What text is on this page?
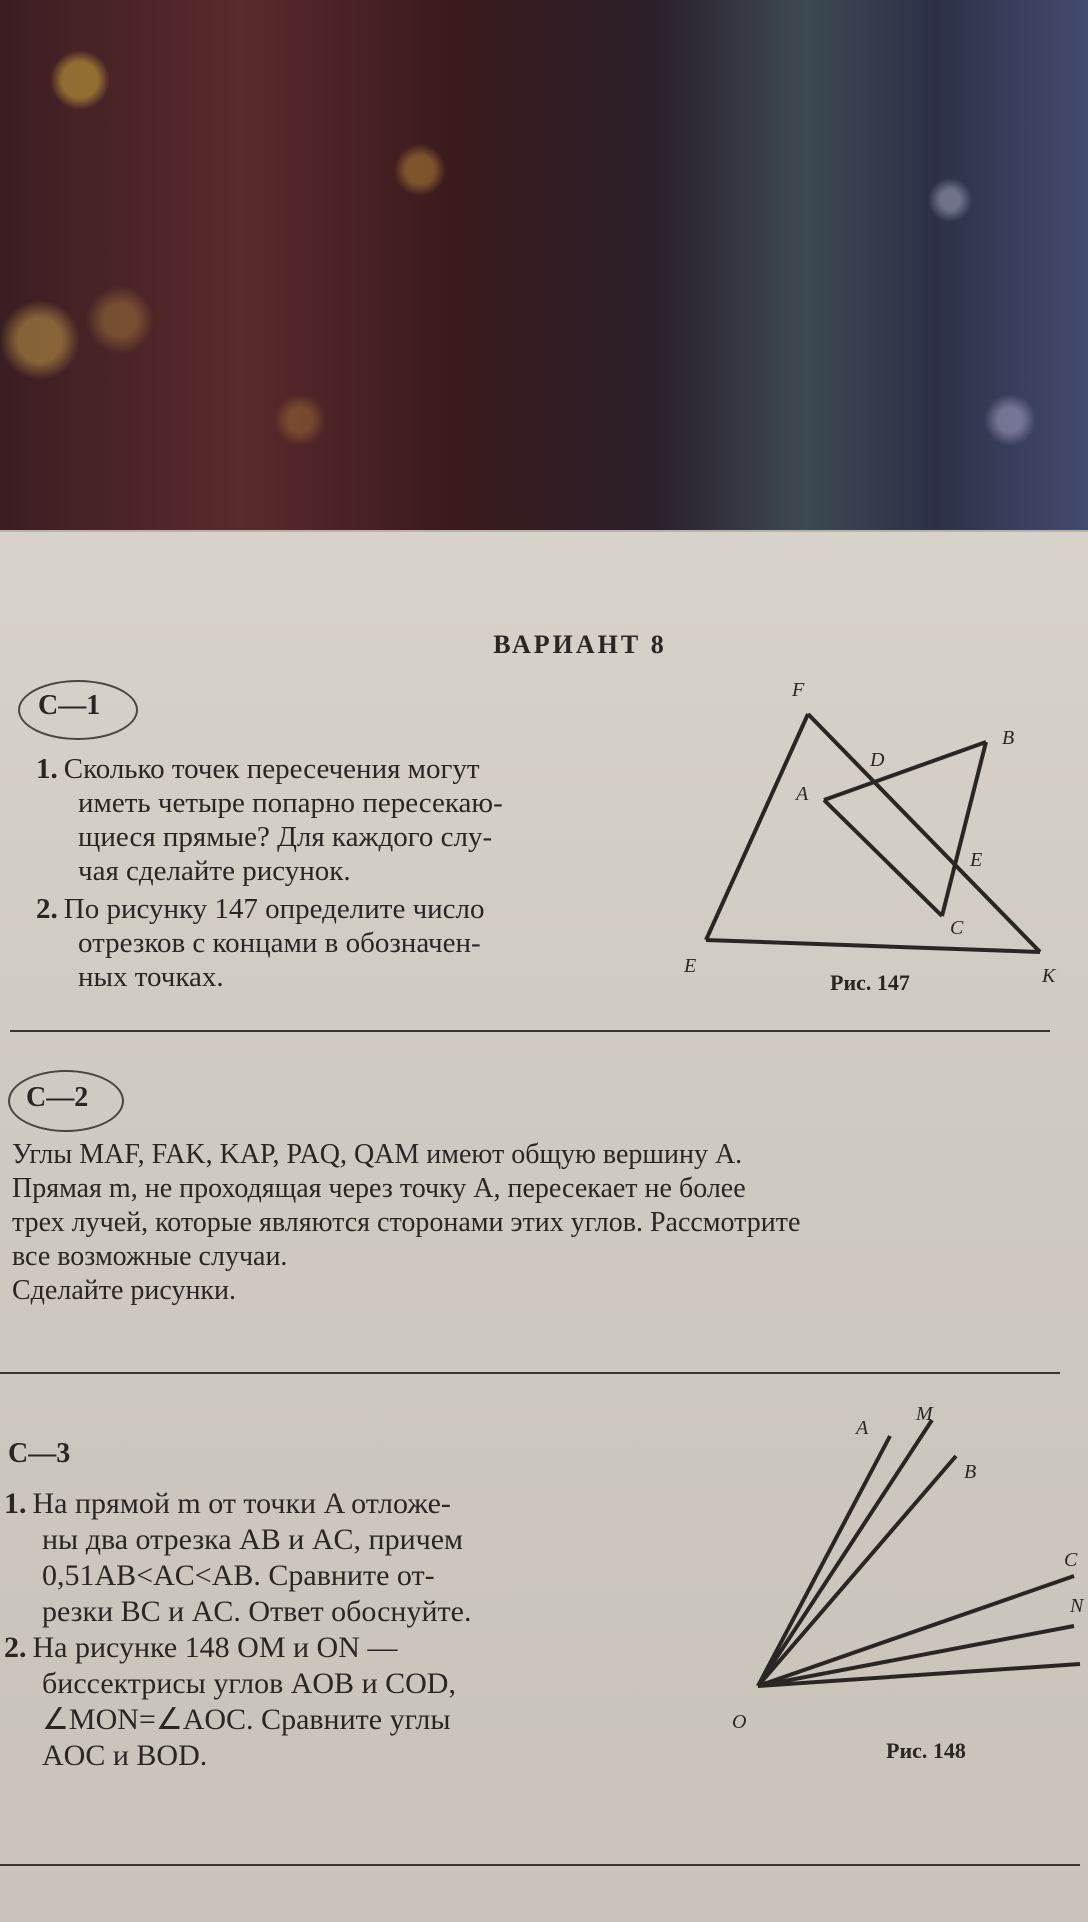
ВАРИАНТ 8
С—1
1. Сколько точек пересечения могут
иметь четыре попарно пересекаю-
щиеся прямые? Для каждого слу-
чая сделайте рисунок.
2. По рисунку 147 определите число
отрезков с концами в обозначен-
ных точках.
F
B
D
A
E
C
E	K
Рис. 147
С—2
Углы MAF, FAK, KAP, PAQ, QAM имеют общую вершину A.
Прямая m, не проходящая через точку A, пересекает не более
трех лучей, которые являются сторонами этих углов. Рассмотрите
все возможные случаи.
Сделайте рисунки.
С—3
1. На прямой m от точки A отложе-
ны два отрезка AB и AC, причем
0,51AB<AC<AB. Сравните от-
резки BC и AC. Ответ обоснуйте.
2. На рисунке 148 OM и ON —
биссектрисы углов AOB и COD,
∠MON=∠AOC. Сравните углы
AOC и BOD.
A
M
B
C
N
O
Рис. 148
